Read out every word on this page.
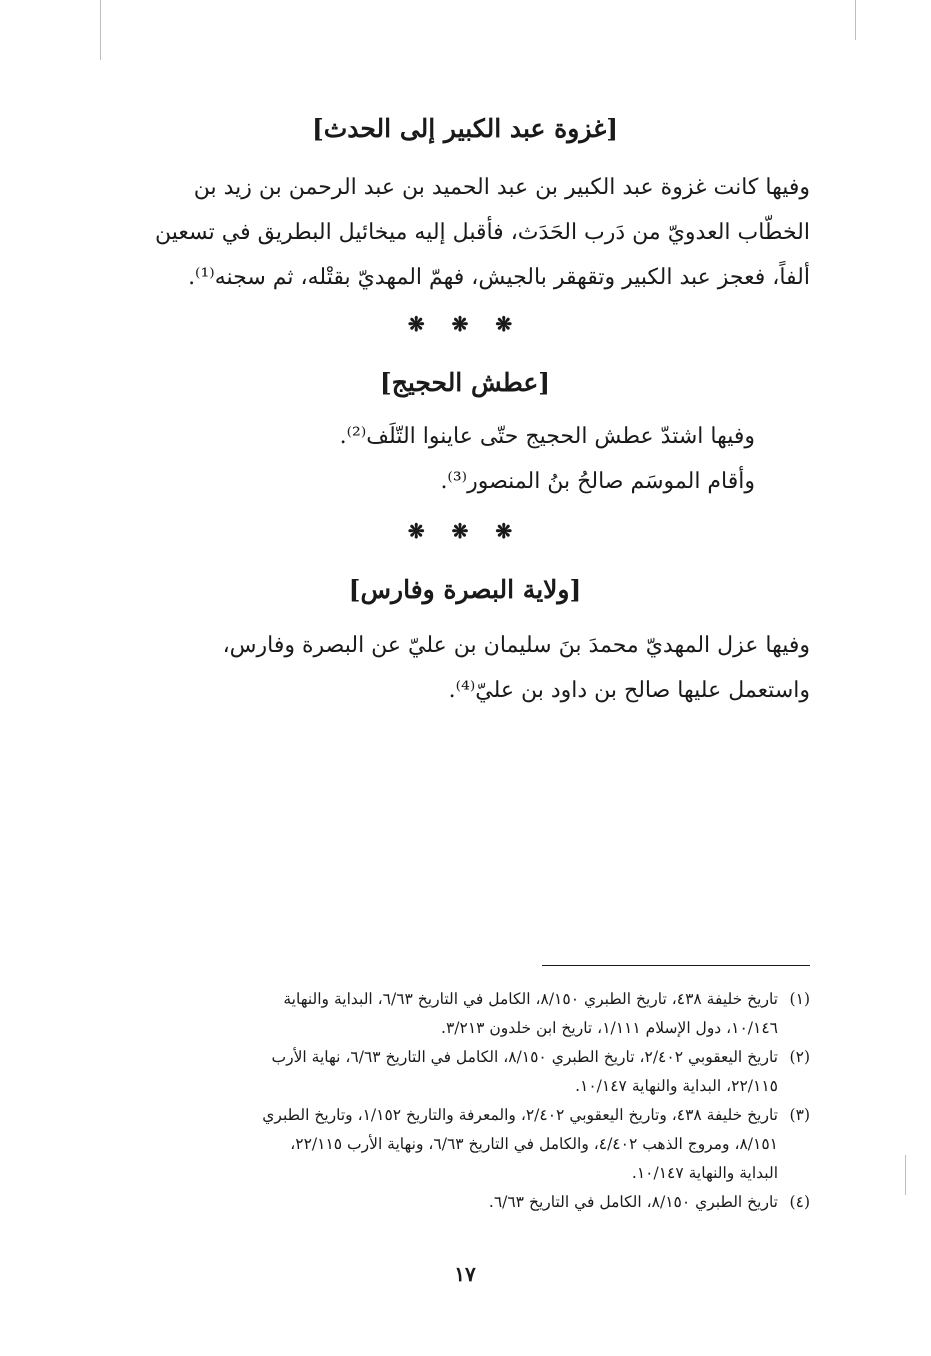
[غزوة عبد الكبير إلى الحدث]
وفيها كانت غزوة عبد الكبير بن عبد الحميد بن عبد الرحمن بن زيد بن
الخطّاب العدويّ من دَرب الحَدَث، فأقبل إليه ميخائيل البطريق في تسعين
ألفاً، فعجز عبد الكبير وتقهقر بالجيش، فهمّ المهديّ بقتْله، ثم سجنه⁽¹⁾.
❋ ❋ ❋
[عطش الحجيج]
وفيها اشتدّ عطش الحجيج حتّى عاينوا التّلَف⁽²⁾.
وأقام الموسَم صالحُ بنُ المنصور⁽³⁾.
❋ ❋ ❋
[ولاية البصرة وفارس]
وفيها عزل المهديّ محمدَ بنَ سليمان بن عليّ عن البصرة وفارس،
واستعمل عليها صالح بن داود بن عليّ⁽⁴⁾.
(١)
تاريخ خليفة ٤٣٨، تاريخ الطبري ٨/١٥٠، الكامل في التاريخ ٦/٦٣، البداية والنهاية
١٠/١٤٦، دول الإسلام ١/١١١، تاريخ ابن خلدون ٣/٢١٣.
(٢)
تاريخ اليعقوبي ٢/٤٠٢، تاريخ الطبري ٨/١٥٠، الكامل في التاريخ ٦/٦٣، نهاية الأرب
٢٢/١١٥، البداية والنهاية ١٠/١٤٧.
(٣)
تاريخ خليفة ٤٣٨، وتاريخ اليعقوبي ٢/٤٠٢، والمعرفة والتاريخ ١/١٥٢، وتاريخ الطبري
٨/١٥١، ومروج الذهب ٤/٤٠٢، والكامل في التاريخ ٦/٦٣، ونهاية الأرب ٢٢/١١٥،
البداية والنهاية ١٠/١٤٧.
(٤)
تاريخ الطبري ٨/١٥٠، الكامل في التاريخ ٦/٦٣.
١٧
